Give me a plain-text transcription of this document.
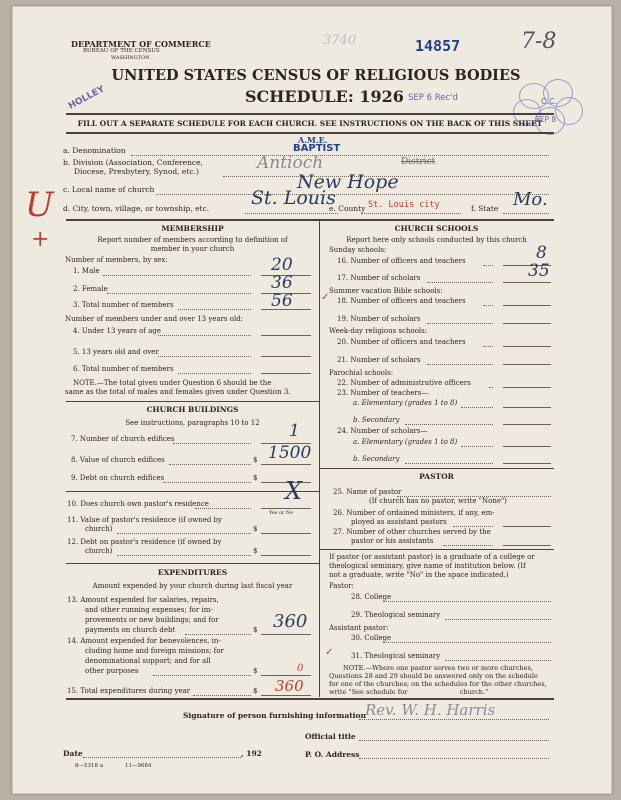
DEPARTMENT OF COMMERCE
BUREAU OF THE CENSUS
WASHINGTON
3740	14857	7-8
UNITED STATES CENSUS OF RELIGIOUS BODIES
SCHEDULE: 1926 SEP 6 Rec'd
HOLLEY	C.C.
SEP 8
FILL OUT A SEPARATE SCHEDULE FOR EACH CHURCH. SEE INSTRUCTIONS ON THE BACK OF THIS SHEET
a. Denomination
A.M.E.
BAPTIST
b. Division (Association, Conference,
Diocese, Presbytery, Synod, etc.)	Antioch	District
c. Local name of church	New Hope
d. City, town, village, or township, etc. St. Louis
e. County St. Louis city	f. State Mo.
U
+	MEMBERSHIP
Report number of members according to definition of
member in your church
Number of members, by sex:
1. Male	20
2. Female	36
3. Total number of members	56
Number of members under and over 13 years old:
4. Under 13 years of age
5. 13 years old and over
6. Total number of members
NOTE.—The total given under Question 6 should be the
same as the total of males and females given under Question 3.
CHURCH BUILDINGS
See instructions, paragraphs 10 to 12
7. Number of church edifices	1
8. Value of church edifices	$ 1500
9. Debt on church edifices	$
10. Does church own pastor's residence	X
Yes or No
11. Value of pastor's residence (if owned by
church)	$
12. Debt on pastor's residence (if owned by
church)	$
EXPENDITURES
Amount expended by your church during last fiscal year
13. Amount expended for salaries, repairs,
and other running expenses; for im-
provements or new buildings; and for
payments on church debt	$ 360
14. Amount expended for benevolences, in-
cluding home and foreign missions; for
denominational support; and for all
other purposes	$	0
15. Total expenditures during year	$ 360
CHURCH SCHOOLS
Report here only schools conducted by this church
Sunday schools:
16. Number of officers and teachers	8
17. Number of scholars	35
Summer vacation Bible schools:
✓ 18. Number of officers and teachers
19. Number of scholars
Week-day religious schools:
20. Number of officers and teachers
21. Number of scholars
Parochial schools:
22. Number of administrative officers
23. Number of teachers—
a. Elementary (grades 1 to 8)
b. Secondary
24. Number of scholars—
a. Elementary (grades 1 to 8)
b. Secondary
PASTOR
25. Name of pastor
(If church has no pastor, write "None")
26. Number of ordained ministers, if any, em-
ployed as assistant pastors
27. Number of other churches served by the
pastor or his assistants
If pastor (or assistant pastor) is a graduate of a college or
theological seminary, give name of institution below. (If
not a graduate, write "No" in the space indicated.)
Pastor:
28. College
29. Theological seminary
Assistant pastor:
30. College
✓	31. Theological seminary
NOTE.—Where one pastor serves two or more churches,
Questions 28 and 29 should be answered only on the schedule
for one of the churches; on the schedules for the other churches,
write "See schedule for                         church."
Signature of person furnishing information Rev. W. H. Harris
Official title
Date	, 192	P. O. Address
8—5318 a	11—9084
